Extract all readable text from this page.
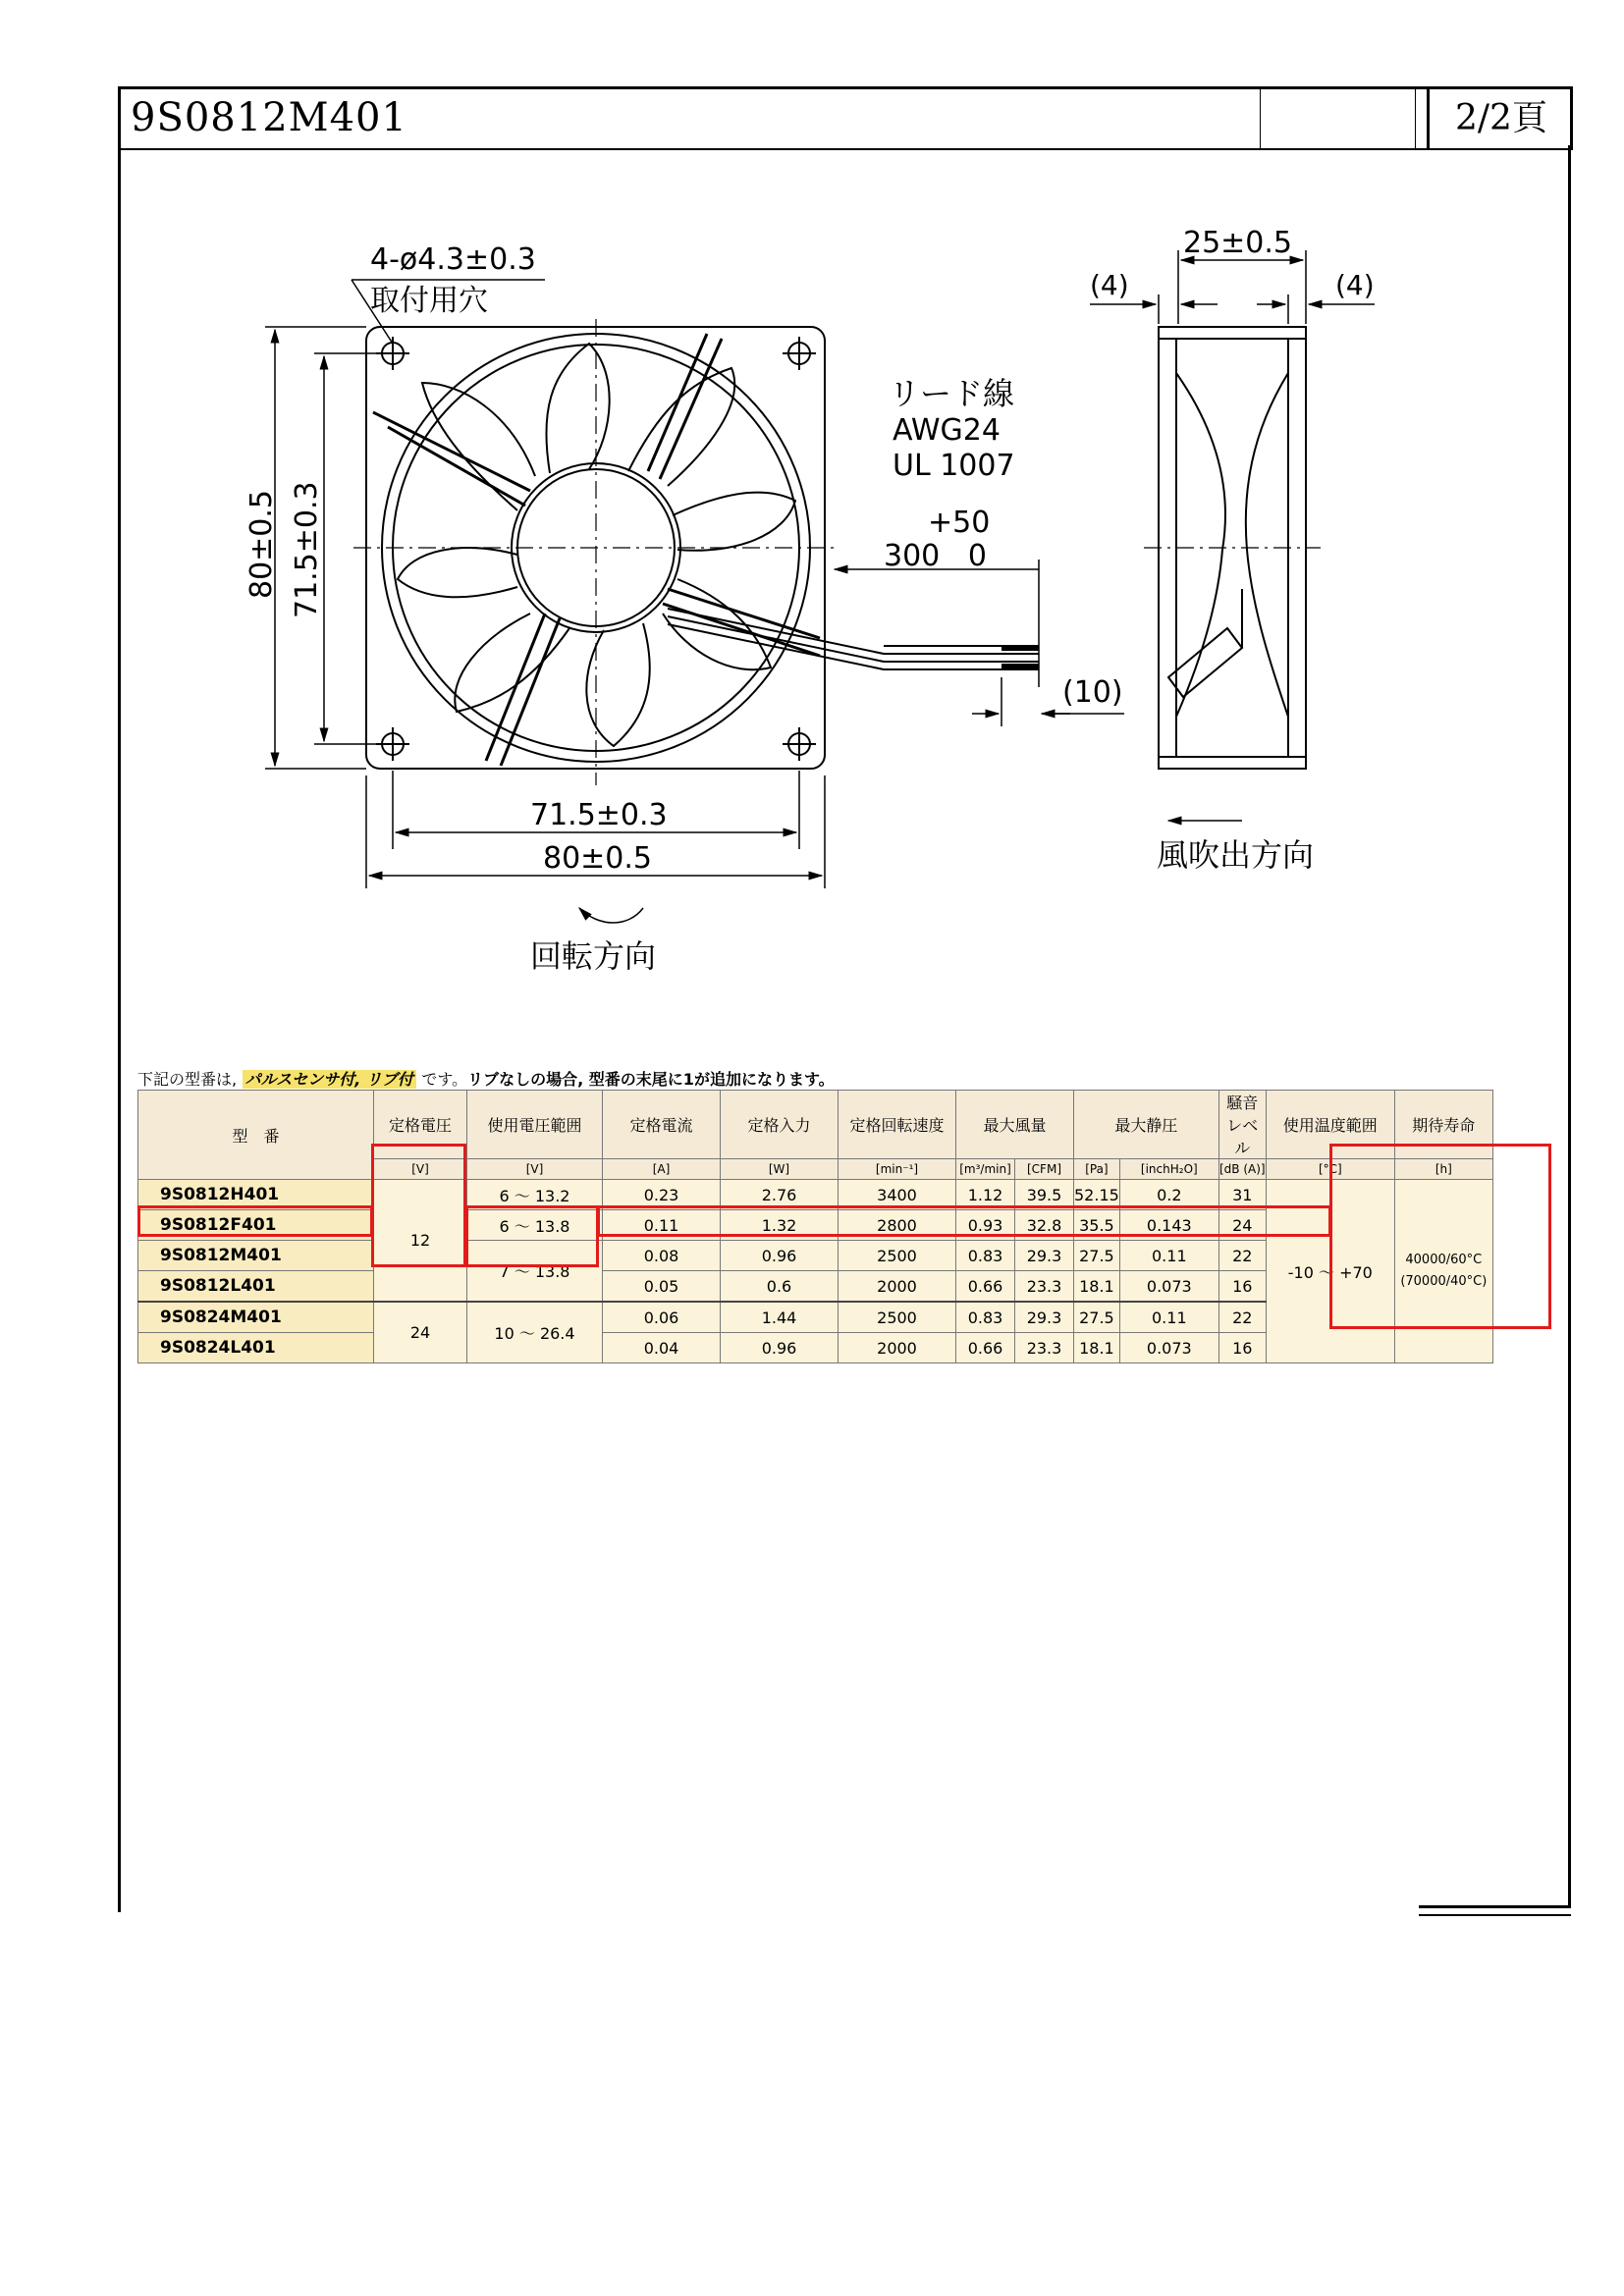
9S0812M401	2/2頁
4-ø4.3±0.3
取付用穴
80±0.5 71.5±0.3
71.5±0.3
80±0.5
回転方向
リード線
AWG24
UL 1007
+50
300   0
(10)
25±0.5
(4)	(4)
風吹出方向
下記の型番は, パルスセンサ付, リブ付 です。リブなしの場合, 型番の末尾に1が追加になります。
型　番	定格電圧	使用電圧範囲	定格電流	定格入力	定格回転速度	最大風量		最大静圧		騒音レベル	使用温度範囲	期待寿命
	[V]	[V]	[A]	[W]	[min⁻¹]	[m³/min]	[CFM]	[Pa]	[inchH₂O]	[dB (A)]	[°C]	[h]
9S0812H401	12	6 〜 13.2	0.23	2.76	3400	1.12	39.5	52.15	0.2	31	-10 〜 +70	40000/60°C
(70000/40°C)
9S0812F401		6 〜 13.8	0.11	1.32	2800	0.93	32.8	35.5	0.143	24		
9S0812M401		7 〜 13.8	0.08	0.96	2500	0.83	29.3	27.5	0.11	22		
9S0812L401			0.05	0.6	2000	0.66	23.3	18.1	0.073	16		
9S0824M401	24	10 〜 26.4	0.06	1.44	2500	0.83	29.3	27.5	0.11	22		
9S0824L401			0.04	0.96	2000	0.66	23.3	18.1	0.073	16		
